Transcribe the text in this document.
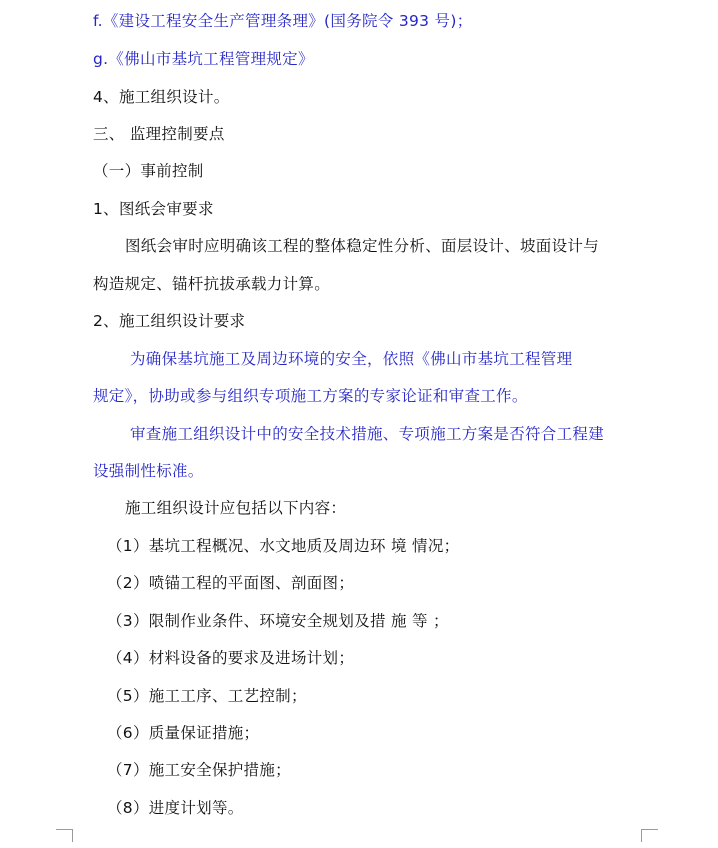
f.《建设工程安全生产管理条理》(国务院令 393 号)；
g.《佛山市基坑工程管理规定》
4、施工组织设计。
三、 监理控制要点
（一）事前控制
1、图纸会审要求
图纸会审时应明确该工程的整体稳定性分析、面层设计、坡面设计与
构造规定、锚杆抗拔承载力计算。
2、施工组织设计要求
为确保基坑施工及周边环境的安全，依照《佛山市基坑工程管理
规定》，协助或参与组织专项施工方案的专家论证和审查工作。
审查施工组织设计中的安全技术措施、专项施工方案是否符合工程建
设强制性标准。
施工组织设计应包括以下内容：
（1）基坑工程概况、水文地质及周边环 境 情况；
（2）喷锚工程的平面图、剖面图；
（3）限制作业条件、环境安全规划及措 施 等 ；
（4）材料设备的要求及进场计划；
（5）施工工序、工艺控制；
（6）质量保证措施；
（7）施工安全保护措施；
（8）进度计划等。
